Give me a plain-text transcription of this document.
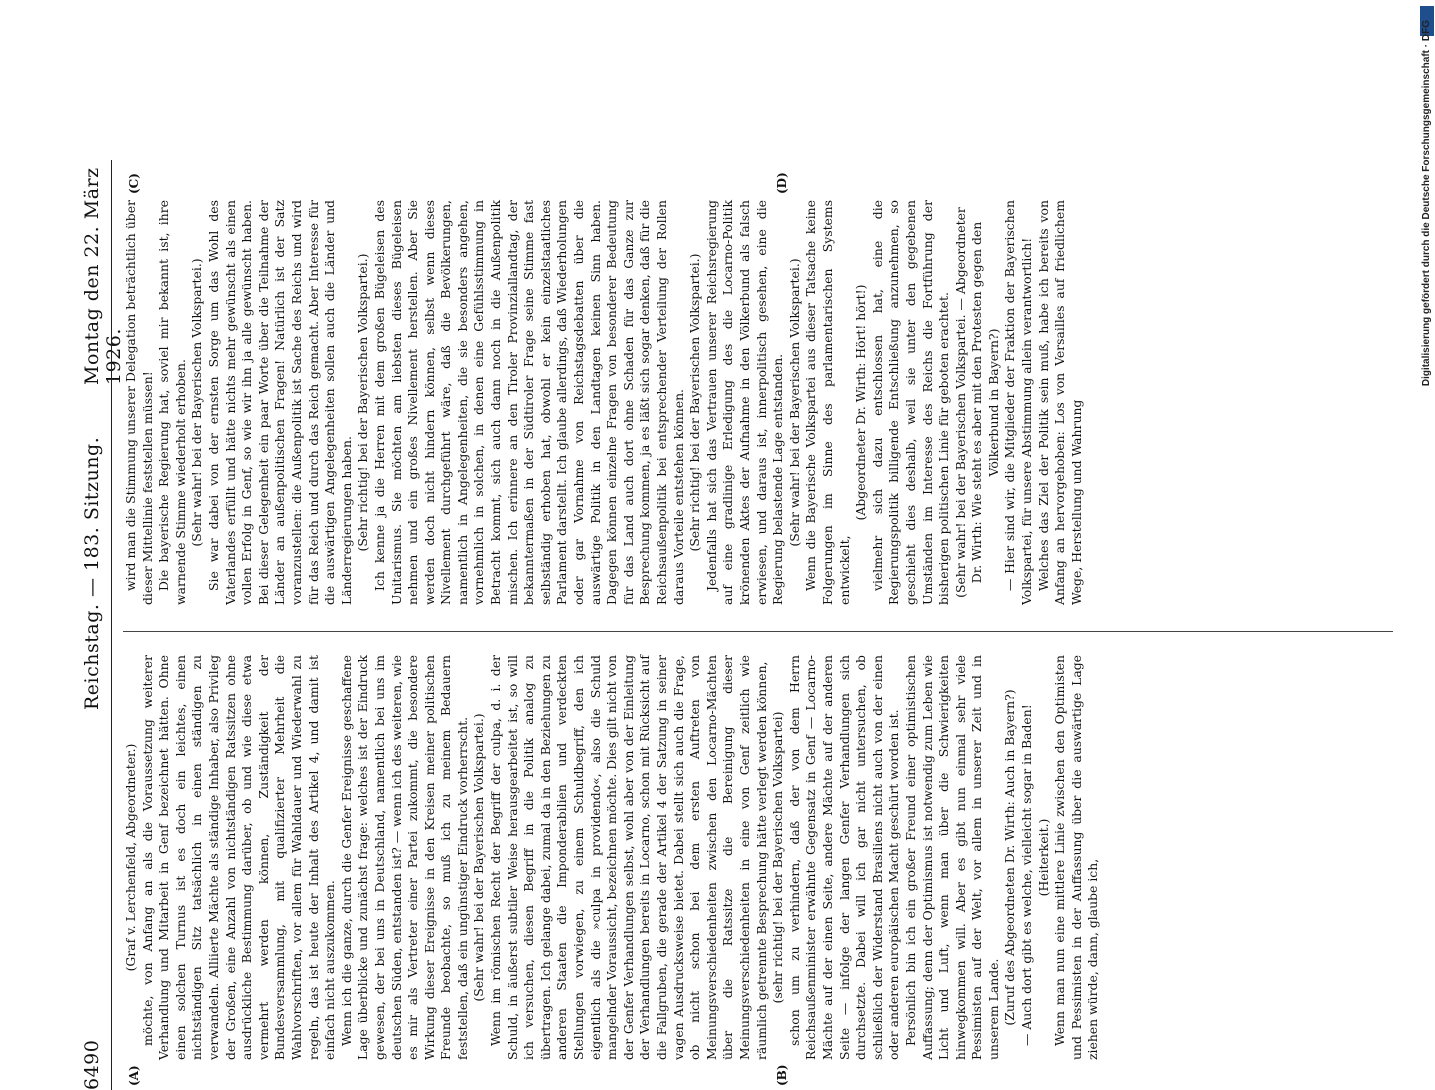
6490
Reichstag. — 183. Sitzung.
Montag den 22. März 1926.
(A)	(B)
(C)	(D)

(Graf v. Lerchenfeld, Abgeordneter.) möchte, von Anfang an als die Voraussetzung weiterer Verhandlung und Mitarbeit in Genf bezeichnet hätten. Ohne einen solchen Turnus ist es doch ein leichtes, einen nichtständigen Sitz tatsächlich in einen ständigen zu verwandeln. Alliierte Mächte als ständige Inhaber, also Privileg der Großen, eine Anzahl von nichtständigen Ratssitzen ohne ausdrückliche Bestimmung darüber, ob und wie diese etwa vermehrt werden können, Zuständigkeit der Bundesversammlung, mit qualifizierter Mehrheit die Wahlvorschriften, vor allem für Wahldauer und Wiederwahl zu regeln, das ist heute der Inhalt des Artikel 4, und damit ist einfach nicht auszukommen. Wenn ich die ganze, durch die Genfer Ereignisse geschaffene Lage überblicke und zunächst frage: welches ist der Eindruck gewesen, der bei uns in Deutschland, namentlich bei uns im deutschen Süden, entstanden ist? — wenn ich des weiteren, wie es mir als Vertreter einer Partei zukommt, die besondere Wirkung dieser Ereignisse in den Kreisen meiner politischen Freunde beobachte, so muß ich zu meinem Bedauern feststellen, daß ein ungünstiger Eindruck vorherrscht. (Sehr wahr! bei der Bayerischen Volkspartei.) Wenn im römischen Recht der Begriff der culpa, d. i. der Schuld, in äußerst subtiler Weise herausgearbeitet ist, so will ich versuchen, diesen Begriff in die Politik analog zu übertragen. Ich gelange dabei, zumal da in den Beziehungen zu anderen Staaten die Imponderabilien und verdeckten Stellungen vorwiegen, zu einem Schuldbegriff, den ich eigentlich als die »culpa in providendo«, also die Schuld mangelnder Voraussicht, bezeichnen möchte. Dies gilt nicht von der Genfer Verhandlungen selbst, wohl aber von der Einleitung der Verhandlungen bereits in Locarno, schon mit Rücksicht auf die Fallgruben, die gerade der Artikel 4 der Satzung in seiner vagen Ausdrucksweise bietet. Dabei stellt sich auch die Frage, ob nicht schon bei dem ersten Auftreten von Meinungsverschiedenheiten zwischen den Locarno-Mächten über die Ratssitze die Bereinigung dieser Meinungsverschiedenheiten in eine von Genf zeitlich wie räumlich getrennte Besprechung hätte verlegt werden können, (sehr richtig! bei der Bayerischen Volkspartei) schon um zu verhindern, daß der von dem Herrn Reichsaußenminister erwähnte Gegensatz in Genf — Locarno-Mächte auf der einen Seite, andere Mächte auf der anderen Seite — infolge der langen Genfer Verhandlungen sich durchsetzte. Dabei will ich gar nicht untersuchen, ob schließlich der Widerstand Brasiliens nicht auch von der einen oder anderen europäischen Macht geschürt worden ist. Persönlich bin ich ein großer Freund einer optimistischen Auffassung; denn der Optimismus ist notwendig zum Leben wie Licht und Luft, wenn man über die Schwierigkeiten hinwegkommen will. Aber es gibt nun einmal sehr viele Pessimisten auf der Welt, vor allem in unserer Zeit und in unserem Lande. (Zuruf des Abgeordneten Dr. Wirth: Auch in Bayern?) — Auch dort gibt es welche, vielleicht sogar in Baden! (Heiterkeit.) Wenn man nun eine mittlere Linie zwischen den Optimisten und Pessimisten in der Auffassung über die auswärtige Lage ziehen würde, dann, glaube ich,

wird man die Stimmung unserer Delegation beträchtlich über dieser Mittellinie feststellen müssen! Die bayerische Regierung hat, soviel mir bekannt ist, ihre warnende Stimme wiederholt erhoben. (Sehr wahr! bei der Bayerischen Volkspartei.) Sie war dabei von der ernsten Sorge um das Wohl des Vaterlandes erfüllt und hätte nichts mehr gewünscht als einen vollen Erfolg in Genf, so wie wir ihn ja alle gewünscht haben. Bei dieser Gelegenheit ein paar Worte über die Teilnahme der Länder an außenpolitischen Fragen! Natürlich ist der Satz voranzustellen: die Außenpolitik ist Sache des Reichs und wird für das Reich und durch das Reich gemacht. Aber Interesse für die auswärtigen Angelegenheiten sollen auch die Länder und Länderregierungen haben. (Sehr richtig! bei der Bayerischen Volkspartei.) Ich kenne ja die Herren mit dem großen Bügeleisen des Unitarismus. Sie möchten am liebsten dieses Bügeleisen nehmen und ein großes Nivellement herstellen. Aber Sie werden doch nicht hindern können, selbst wenn dieses Nivellement durchgeführt wäre, daß die Bevölkerungen, namentlich in Angelegenheiten, die sie besonders angehen, vornehmlich in solchen, in denen eine Gefühlsstimmung in Betracht kommt, sich auch dann noch in die Außenpolitik mischen. Ich erinnere an den Tiroler Provinziallandtag, der bekanntermaßen in der Südtiroler Frage seine Stimme fast selbständig erhoben hat, obwohl er kein einzelstaatliches Parlament darstellt. Ich glaube allerdings, daß Wiederholungen oder gar Vornahme von Reichstagsdebatten über die auswärtige Politik in den Landtagen keinen Sinn haben. Dagegen können einzelne Fragen von besonderer Bedeutung für das Land auch dort ohne Schaden für das Ganze zur Besprechung kommen, ja es läßt sich sogar denken, daß für die Reichsaußenpolitik bei entsprechender Verteilung der Rollen daraus Vorteile entstehen können. (Sehr richtig! bei der Bayerischen Volkspartei.) Jedenfalls hat sich das Vertrauen unserer Reichsregierung auf eine gradlinige Erledigung des die Locarno-Politik krönenden Aktes der Aufnahme in den Völkerbund als falsch erwiesen, und daraus ist, innerpolitisch gesehen, eine die Regierung belastende Lage entstanden. (Sehr wahr! bei der Bayerischen Volkspartei.) Wenn die Bayerische Volkspartei aus dieser Tatsache keine Folgerungen im Sinne des parlamentarischen Systems entwickelt,

(Abgeordneter Dr. Wirth: Hört! hört!) vielmehr sich dazu entschlossen hat, eine die Regierungspolitik billigende Entschließung anzunehmen, so geschieht dies deshalb, weil sie unter den gegebenen Umständen im Interesse des Reichs die Fortführung der bisherigen politischen Linie für geboten erachtet. (Sehr wahr! bei der Bayerischen Volkspartei. — Abgeordneter Dr. Wirth: Wie steht es aber mit den Protesten gegen den Völkerbund in Bayern?) — Hier sind wir, die Mitglieder der Fraktion der Bayerischen Volkspartei, für unsere Abstimmung allein verantwortlich! Welches das Ziel der Politik sein muß, habe ich bereits von Anfang an hervorgehoben: Los von Versailles auf friedlichem Wege, Herstellung und Wahrung

Digitalisierung gefördert durch die Deutsche Forschungsgemeinschaft · DFG
